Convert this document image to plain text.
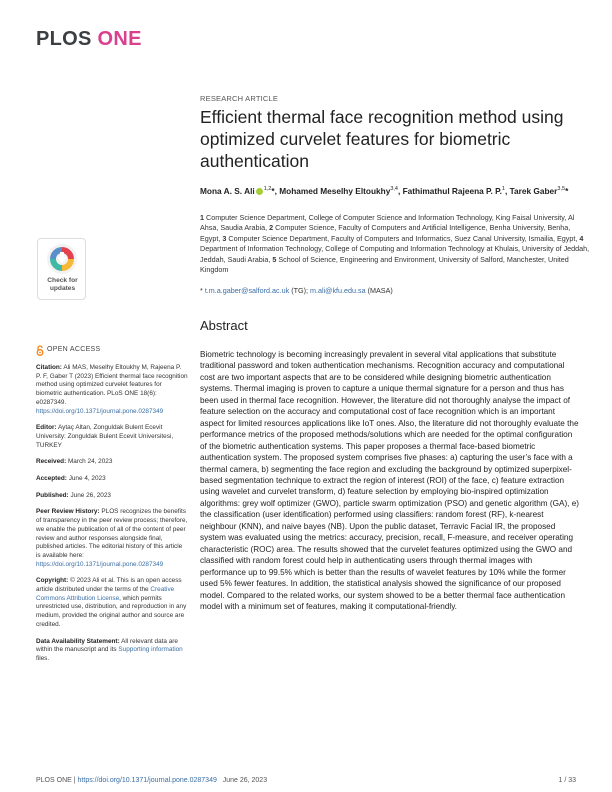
PLOS ONE
RESEARCH ARTICLE
Efficient thermal face recognition method using optimized curvelet features for biometric authentication
Mona A. S. Ali $^{1,2}$*, Mohamed Meselhy Eltoukhy$^{3,4}$, Fathimathul Rajeena P. P.$^1$, Tarek Gaber$^{3,5}$*
1 Computer Science Department, College of Computer Science and Information Technology, King Faisal University, Al Ahsa, Saudia Arabia, 2 Computer Science, Faculty of Computers and Artificial Intelligence, Benha University, Benha, Egypt, 3 Computer Science Department, Faculty of Computers and Informatics, Suez Canal University, Ismailia, Egypt, 4 Department of Information Technology, College of Computing and Information Technology at Khulais, University of Jeddah, Jeddah, Saudi Arabia, 5 School of Science, Engineering and Environment, University of Salford, Manchester, United Kingdom
* t.m.a.gaber@salford.ac.uk (TG); m.ali@kfu.edu.sa (MASA)
Abstract

Biometric technology is becoming increasingly prevalent in several vital applications that substitute traditional password and token authentication mechanisms. Recognition accuracy and computational cost are two important aspects that are to be considered while designing biometric authentication systems. Thermal imaging is proven to capture a unique thermal signature for a person and thus has been used in thermal face recognition. However, the literature did not thoroughly analyse the impact of feature selection on the accuracy and computational cost of face recognition which is an important aspect for limited resources applications like IoT ones. Also, the literature did not thoroughly evaluate the performance metrics of the proposed methods/solutions which are needed for the optimal configuration of the biometric authentication systems. This paper proposes a thermal face-based biometric authentication system. The proposed system comprises five phases: a) capturing the user’s face with a thermal camera, b) segmenting the face region and excluding the background by optimized superpixel-based segmentation technique to extract the region of interest (ROI) of the face, c) feature extraction using wavelet and curvelet transform, d) feature selection by employing bio-inspired optimization algorithms: grey wolf optimizer (GWO), particle swarm optimization (PSO) and genetic algorithm (GA), e) the classification (user identification) performed using classifiers: random forest (RF), k-nearest neighbour (KNN), and naive bayes (NB). Upon the public dataset, Terravic Facial IR, the proposed system was evaluated using the metrics: accuracy, precision, recall, F-measure, and receiver operating characteristic (ROC) area. The results showed that the curvelet features optimized using the GWO and classified with random forest could help in authenticating users through thermal images with performance up to 99.5% which is better than the results of wavelet features by 10% while the former used 5% fewer features. In addition, the statistical analysis showed the significance of our proposed model. Compared to the related works, our system showed to be a better thermal face authentication model with a minimum set of features, making it computational-friendly.

Check for
updates
OPEN ACCESS

Citation: Ali MAS, Meselhy Eltoukhy M, Rajeena P. P. F, Gaber T (2023) Efficient thermal face recognition method using optimized curvelet features for biometric authentication. PLoS ONE 18(6): e0287349. https://doi.org/10.1371/journal.pone.0287349

Editor: Aytaç Altan, Zonguldak Bulent Ecevit University: Zonguldak Bulent Ecevit Universitesi, TURKEY

Received: March 24, 2023

Accepted: June 4, 2023

Published: June 26, 2023

Peer Review History: PLOS recognizes the benefits of transparency in the peer review process; therefore, we enable the publication of all of the content of peer review and author responses alongside final, published articles. The editorial history of this article is available here: https://doi.org/10.1371/journal.pone.0287349

Copyright: © 2023 Ali et al. This is an open access article distributed under the terms of the Creative Commons Attribution License, which permits unrestricted use, distribution, and reproduction in any medium, provided the original author and source are credited.

Data Availability Statement: All relevant data are within the manuscript and its Supporting information files.

PLOS ONE | https://doi.org/10.1371/journal.pone.0287349 June 26, 2023	1 / 33
